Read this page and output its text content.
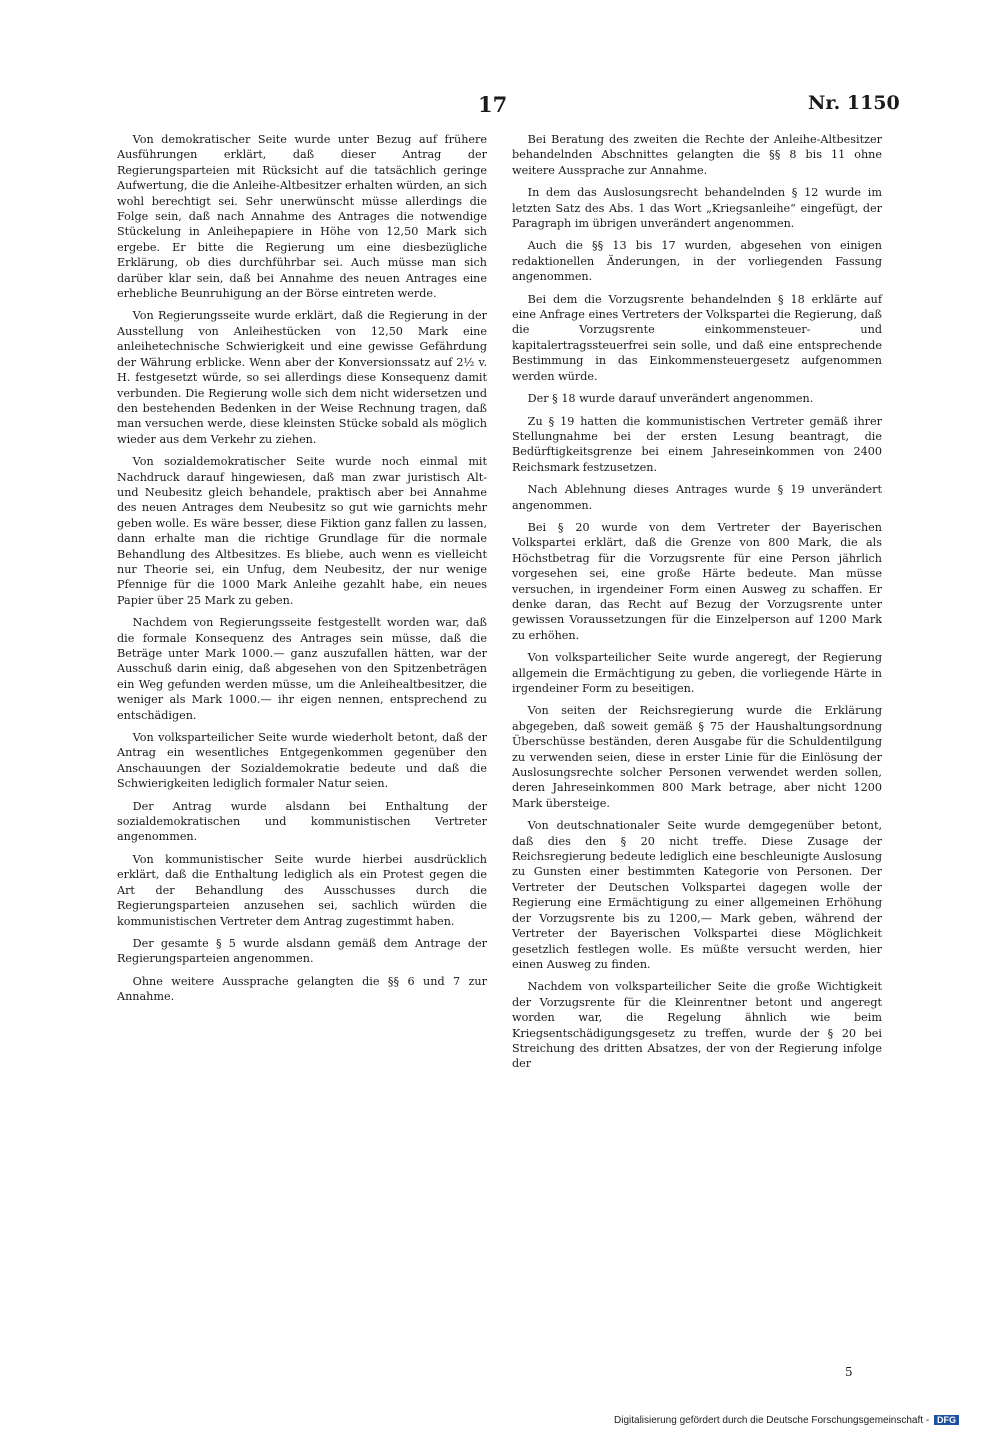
17	Nr. 1150

Von demokratischer Seite wurde unter Bezug auf frühere Ausführungen erklärt, daß dieser Antrag der Regierungsparteien mit Rücksicht auf die tatsächlich geringe Aufwertung, die die Anleihe-Altbesitzer erhalten würden, an sich wohl berechtigt sei. Sehr unerwünscht müsse allerdings die Folge sein, daß nach Annahme des Antrages die notwendige Stückelung in Anleihepapiere in Höhe von 12,50 Mark sich ergebe. Er bitte die Regierung um eine diesbezügliche Erklärung, ob dies durchführbar sei. Auch müsse man sich darüber klar sein, daß bei Annahme des neuen Antrages eine erhebliche Beunruhigung an der Börse eintreten werde.

Von Regierungsseite wurde erklärt, daß die Regierung in der Ausstellung von Anleihestücken von 12,50 Mark eine anleihetechnische Schwierigkeit und eine gewisse Gefährdung der Währung erblicke. Wenn aber der Konversionssatz auf 2½ v. H. festgesetzt würde, so sei allerdings diese Konsequenz damit verbunden. Die Regierung wolle sich dem nicht widersetzen und den bestehenden Bedenken in der Weise Rechnung tragen, daß man versuchen werde, diese kleinsten Stücke sobald als möglich wieder aus dem Verkehr zu ziehen.

Von sozialdemokratischer Seite wurde noch einmal mit Nachdruck darauf hingewiesen, daß man zwar juristisch Alt- und Neubesitz gleich behandele, praktisch aber bei Annahme des neuen Antrages dem Neubesitz so gut wie garnichts mehr geben wolle. Es wäre besser, diese Fiktion ganz fallen zu lassen, dann erhalte man die richtige Grundlage für die normale Behandlung des Altbesitzes. Es bliebe, auch wenn es vielleicht nur Theorie sei, ein Unfug, dem Neubesitz, der nur wenige Pfennige für die 1000 Mark Anleihe gezahlt habe, ein neues Papier über 25 Mark zu geben.

Nachdem von Regierungsseite festgestellt worden war, daß die formale Konsequenz des Antrages sein müsse, daß die Beträge unter Mark 1000.— ganz auszufallen hätten, war der Ausschuß darin einig, daß abgesehen von den Spitzenbeträgen ein Weg gefunden werden müsse, um die Anleihealtbesitzer, die weniger als Mark 1000.— ihr eigen nennen, entsprechend zu entschädigen.

Von volksparteilicher Seite wurde wiederholt betont, daß der Antrag ein wesentliches Entgegenkommen gegenüber den Anschauungen der Sozialdemokratie bedeute und daß die Schwierigkeiten lediglich formaler Natur seien.

Der Antrag wurde alsdann bei Enthaltung der sozialdemokratischen und kommunistischen Vertreter angenommen.

Von kommunistischer Seite wurde hierbei ausdrücklich erklärt, daß die Enthaltung lediglich als ein Protest gegen die Art der Behandlung des Ausschusses durch die Regierungsparteien anzusehen sei, sachlich würden die kommunistischen Vertreter dem Antrag zugestimmt haben.

Der gesamte § 5 wurde alsdann gemäß dem Antrage der Regierungsparteien angenommen.

Ohne weitere Aussprache gelangten die §§ 6 und 7 zur Annahme.

Bei Beratung des zweiten die Rechte der Anleihe-Altbesitzer behandelnden Abschnittes gelangten die §§ 8 bis 11 ohne weitere Aussprache zur Annahme.

In dem das Auslosungsrecht behandelnden § 12 wurde im letzten Satz des Abs. 1 das Wort „Kriegsanleihe“ eingefügt, der Paragraph im übrigen unverändert angenommen.

Auch die §§ 13 bis 17 wurden, abgesehen von einigen redaktionellen Änderungen, in der vorliegenden Fassung angenommen.

Bei dem die Vorzugsrente behandelnden § 18 erklärte auf eine Anfrage eines Vertreters der Volkspartei die Regierung, daß die Vorzugsrente einkommensteuer- und kapitalertragssteuerfrei sein solle, und daß eine entsprechende Bestimmung in das Einkommensteuergesetz aufgenommen werden würde.

Der § 18 wurde darauf unverändert angenommen.

Zu § 19 hatten die kommunistischen Vertreter gemäß ihrer Stellungnahme bei der ersten Lesung beantragt, die Bedürftigkeitsgrenze bei einem Jahreseinkommen von 2400 Reichsmark festzusetzen.

Nach Ablehnung dieses Antrages wurde § 19 unverändert angenommen.

Bei § 20 wurde von dem Vertreter der Bayerischen Volkspartei erklärt, daß die Grenze von 800 Mark, die als Höchstbetrag für die Vorzugsrente für eine Person jährlich vorgesehen sei, eine große Härte bedeute. Man müsse versuchen, in irgendeiner Form einen Ausweg zu schaffen. Er denke daran, das Recht auf Bezug der Vorzugsrente unter gewissen Voraussetzungen für die Einzelperson auf 1200 Mark zu erhöhen.

Von volksparteilicher Seite wurde angeregt, der Regierung allgemein die Ermächtigung zu geben, die vorliegende Härte in irgendeiner Form zu beseitigen.

Von seiten der Reichsregierung wurde die Erklärung abgegeben, daß soweit gemäß § 75 der Haushaltungsordnung Überschüsse beständen, deren Ausgabe für die Schuldentilgung zu verwenden seien, diese in erster Linie für die Einlösung der Auslosungsrechte solcher Personen verwendet werden sollen, deren Jahreseinkommen 800 Mark betrage, aber nicht 1200 Mark übersteige.

Von deutschnationaler Seite wurde demgegenüber betont, daß dies den § 20 nicht treffe. Diese Zusage der Reichsregierung bedeute lediglich eine beschleunigte Auslosung zu Gunsten einer bestimmten Kategorie von Personen. Der Vertreter der Deutschen Volkspartei dagegen wolle der Regierung eine Ermächtigung zu einer allgemeinen Erhöhung der Vorzugsrente bis zu 1200,— Mark geben, während der Vertreter der Bayerischen Volkspartei diese Möglichkeit gesetzlich festlegen wolle. Es müßte versucht werden, hier einen Ausweg zu finden.

Nachdem von volksparteilicher Seite die große Wichtigkeit der Vorzugsrente für die Kleinrentner betont und angeregt worden war, die Regelung ähnlich wie beim Kriegsentschädigungsgesetz zu treffen, wurde der § 20 bei Streichung des dritten Absatzes, der von der Regierung infolge der

5
Digitalisierung gefördert durch die Deutsche Forschungsgemeinschaft - DFG
